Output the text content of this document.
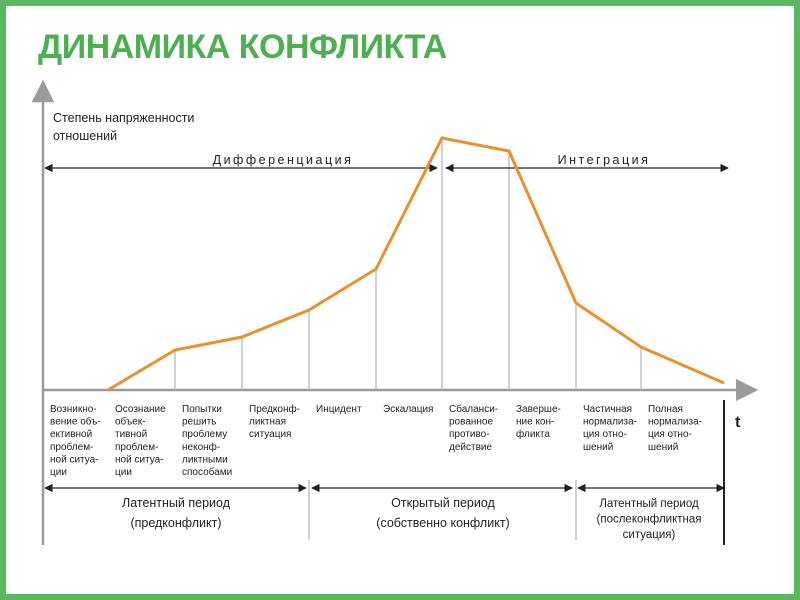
ДИНАМИКА КОНФЛИКТА
Степень напряженности отношений
t
Дифференциация	Интеграция
Возникно-вение объ-ективной проблем-ной ситуа-ции
Осознание объек-тивной проблем-ной ситуа-ции
Попытки решить проблему неконф-ликтными способами
Предконф-ликтная ситуация
Инцидент Эскалация Сбаланси-рованное противо-действие
Заверше-ние кон-фликта
Частичная нормализа-ция отно-шений
Полная нормализа-ция отно-шений
Латентный период (предконфликт)
Открытый период (собственно конфликт)
Латентный период (послеконфликтная ситуация)
